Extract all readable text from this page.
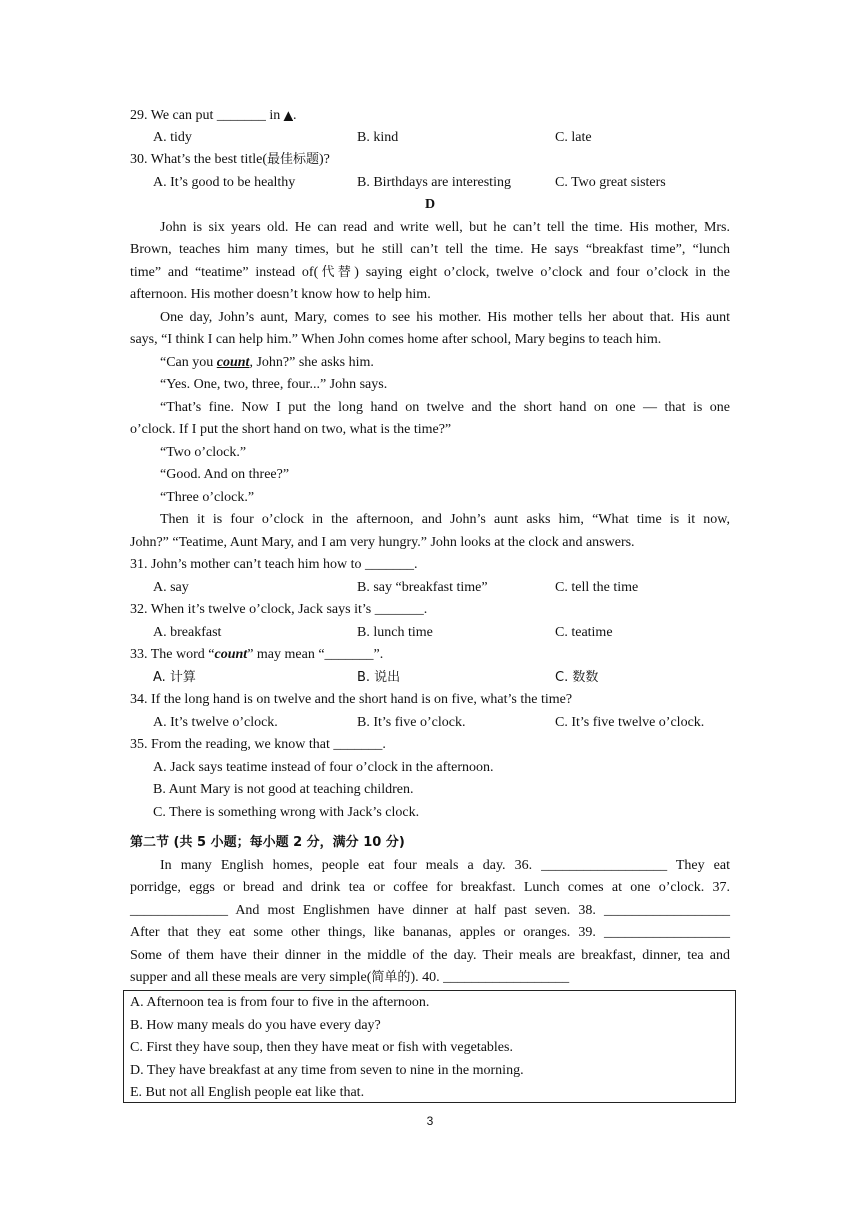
29. We can put _______ in ▲.
A. tidy	B. kind	C. late
30. What’s the best title(最佳标题)?
A. It’s good to be healthy	B. Birthdays are interesting	C. Two great sisters
D
John is six years old. He can read and write well, but he can’t tell the time. His mother, Mrs.
Brown, teaches him many times, but he still can’t tell the time. He says “breakfast time”, “lunch
time” and “teatime” instead of(代替) saying eight o’clock, twelve o’clock and four o’clock in the
afternoon. His mother doesn’t know how to help him.
One day, John’s aunt, Mary, comes to see his mother. His mother tells her about that. His aunt
says, “I think I can help him.” When John comes home after school, Mary begins to teach him.
“Can you count, John?” she asks him.
“Yes. One, two, three, four...” John says.
“That’s fine. Now I put the long hand on twelve and the short hand on one — that is one
o’clock. If I put the short hand on two, what is the time?”
“Two o’clock.”
“Good. And on three?”
“Three o’clock.”
Then it is four o’clock in the afternoon, and John’s aunt asks him, “What time is it now,
John?” “Teatime, Aunt Mary, and I am very hungry.” John looks at the clock and answers.
31. John’s mother can’t teach him how to _______.
A. say	B. say “breakfast time”	C. tell the time
32. When it’s twelve o’clock, Jack says it’s _______.
A. breakfast	B. lunch time	C. teatime
33. The word “count” may mean “_______”.
A. 计算	B. 说出	C. 数数
34. If the long hand is on twelve and the short hand is on five, what’s the time?
A. It’s twelve o’clock.	B. It’s five o’clock.	C. It’s five twelve o’clock.
35. From the reading, we know that _______.
A. Jack says teatime instead of four o’clock in the afternoon.
B. Aunt Mary is not good at teaching children.
C. There is something wrong with Jack’s clock.
第二节 (共 5 小题；每小题 2 分，满分 10 分)
In many English homes, people eat four meals a day. 36. __________________ They eat
porridge, eggs or bread and drink tea or coffee for breakfast. Lunch comes at one o’clock. 37.
______________ And most Englishmen have dinner at half past seven. 38. __________________
After that they eat some other things, like bananas, apples or oranges. 39. __________________
Some of them have their dinner in the middle of the day. Their meals are breakfast, dinner, tea and
supper and all these meals are very simple(简单的). 40. __________________
A. Afternoon tea is from four to five in the afternoon.
B. How many meals do you have every day?
C. First they have soup, then they have meat or fish with vegetables.
D. They have breakfast at any time from seven to nine in the morning.
E. But not all English people eat like that.
3
